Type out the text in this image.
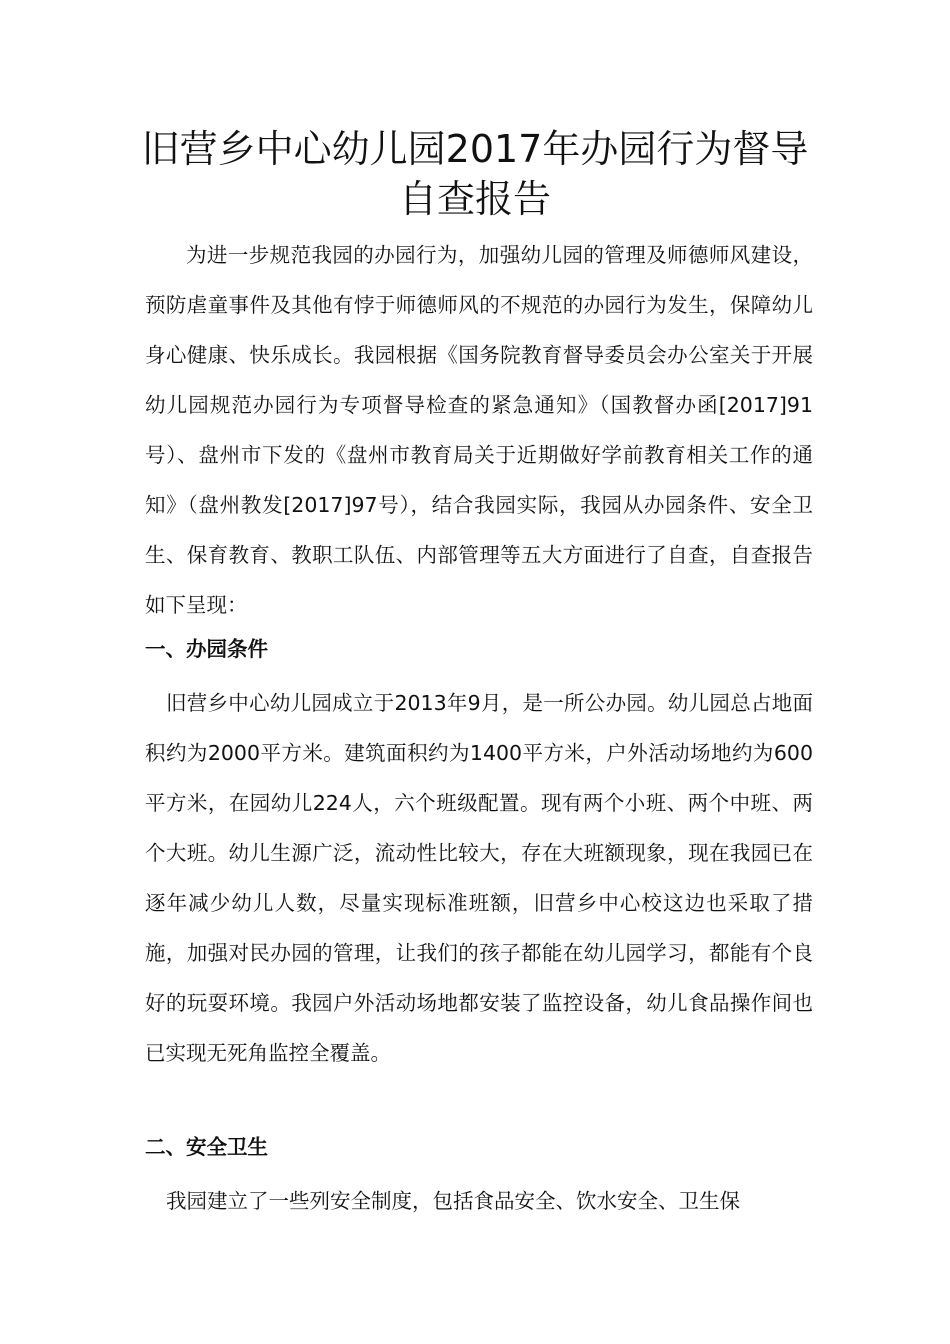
旧营乡中心幼儿园2017年办园行为督导自查报告

为进一步规范我园的办园行为，加强幼儿园的管理及师德师风建设，预防虐童事件及其他有悖于师德师风的不规范的办园行为发生，保障幼儿身心健康、快乐成长。我园根据《国务院教育督导委员会办公室关于开展幼儿园规范办园行为专项督导检查的紧急通知》（国教督办函[2017]91号）、盘州市下发的《盘州市教育局关于近期做好学前教育相关工作的通知》（盘州教发[2017]97号），结合我园实际，我园从办园条件、安全卫生、保育教育、教职工队伍、内部管理等五大方面进行了自查，自查报告如下呈现：

一、办园条件

旧营乡中心幼儿园成立于2013年9月，是一所公办园。幼儿园总占地面积约为2000平方米。建筑面积约为1400平方米，户外活动场地约为600平方米，在园幼儿224人，六个班级配置。现有两个小班、两个中班、两个大班。幼儿生源广泛，流动性比较大，存在大班额现象，现在我园已在逐年减少幼儿人数，尽量实现标准班额，旧营乡中心校这边也采取了措施，加强对民办园的管理，让我们的孩子都能在幼儿园学习，都能有个良好的玩耍环境。我园户外活动场地都安装了监控设备，幼儿食品操作间也已实现无死角监控全覆盖。

二、安全卫生

我园建立了一些列安全制度，包括食品安全、饮水安全、卫生保
